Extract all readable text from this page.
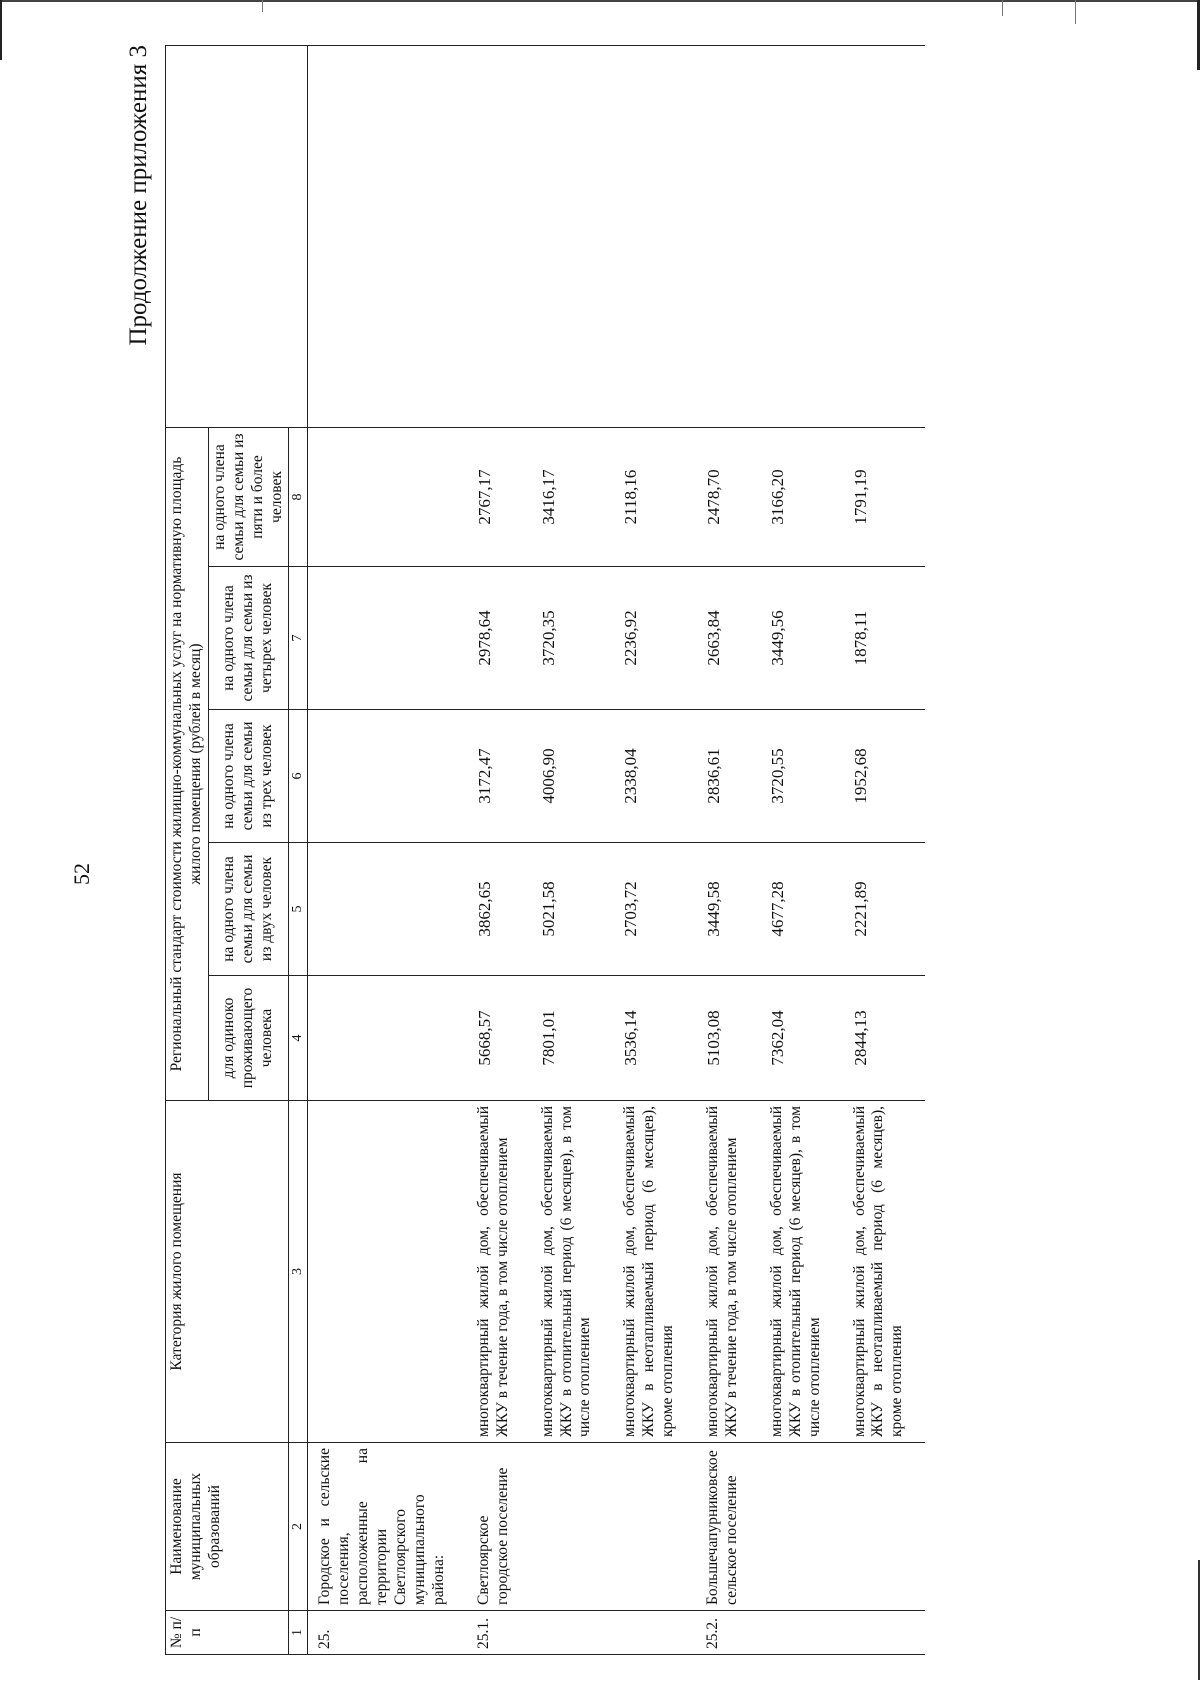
52
Продолжение приложения 3
№ п/п	Наименование муниципальных образований	Категория жилого помещения	Региональный стандарт стоимости жилищно-коммунальных услуг на нормативную площадь жилого помещения (рублей в месяц)					
			для одиноко проживающего человека	на одного члена семьи для семьи из двух человек	на одного члена семьи для семьи из трех человек	на одного члена семьи для семьи из четырех человек	на одного члена семьи для семьи из пяти и более человек	
1	2	3	4	5	6	7	8	
25.	Городское и сельские поселения, расположенные на территории Светлоярского муниципального района:							
25.1.	Светлоярское городское поселение	многоквартирный жилой дом, обеспечиваемый ЖКУ в течение года, в том числе отоплением	5668,57	3862,65	3172,47	2978,64	2767,17	
		многоквартирный жилой дом, обеспечиваемый ЖКУ в отопительный период (6 месяцев), в том числе отоплением	7801,01	5021,58	4006,90	3720,35	3416,17	
		многоквартирный жилой дом, обеспечиваемый ЖКУ в неотапливаемый период (6 месяцев), кроме отопления	3536,14	2703,72	2338,04	2236,92	2118,16	
25.2.	Большечапурниковское сельское поселение	многоквартирный жилой дом, обеспечиваемый ЖКУ в течение года, в том числе отоплением	5103,08	3449,58	2836,61	2663,84	2478,70	
		многоквартирный жилой дом, обеспечиваемый ЖКУ в отопительный период (6 месяцев), в том числе отоплением	7362,04	4677,28	3720,55	3449,56	3166,20	
		многоквартирный жилой дом, обеспечиваемый ЖКУ в неотапливаемый период (6 месяцев), кроме отопления	2844,13	2221,89	1952,68	1878,11	1791,19	
